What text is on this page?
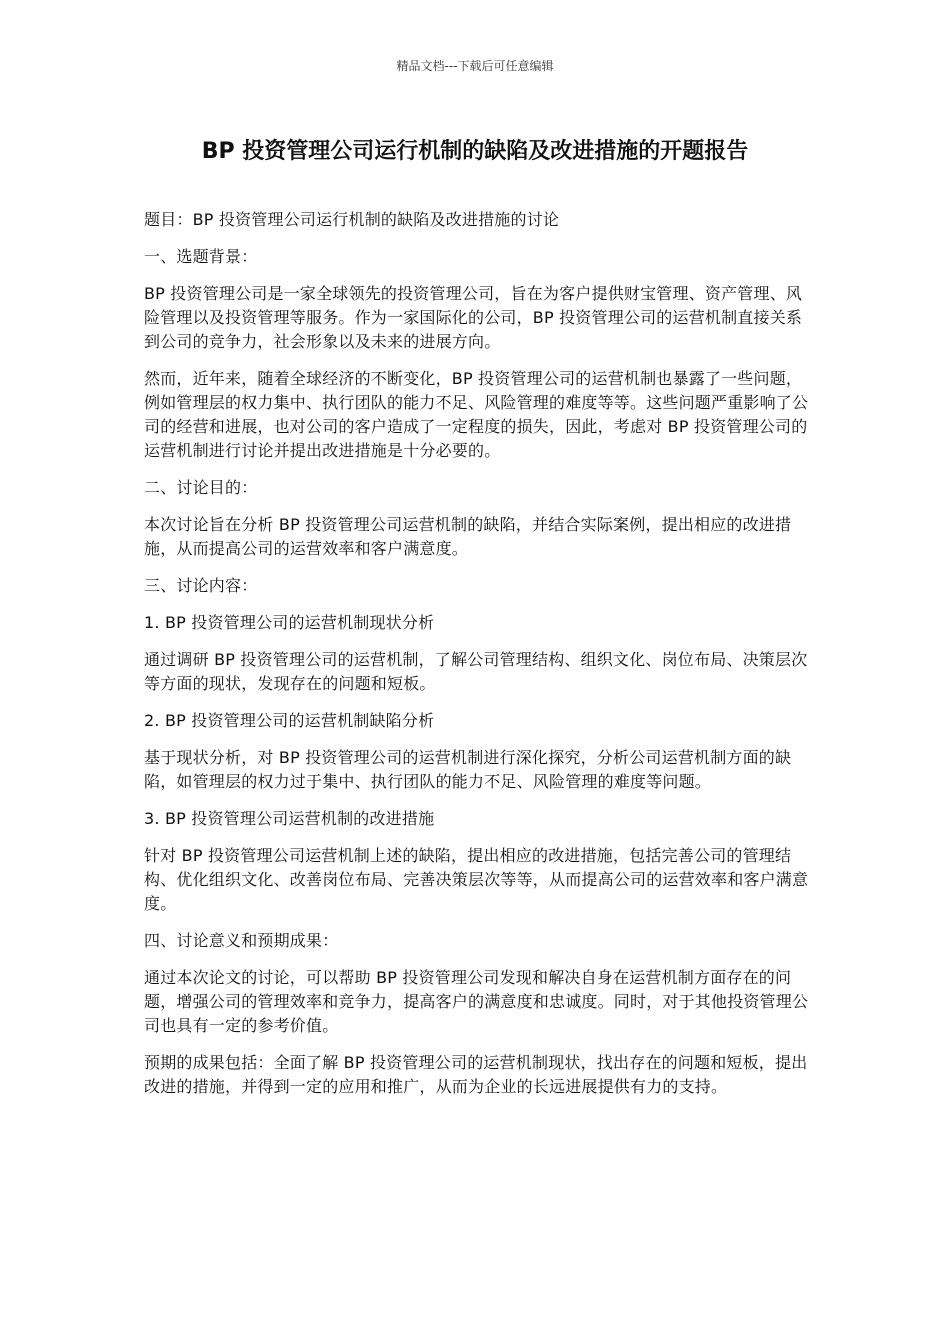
精品文档---下载后可任意编辑
BP 投资管理公司运行机制的缺陷及改进措施的开题报告

题目：BP 投资管理公司运行机制的缺陷及改进措施的讨论

一、选题背景：

BP 投资管理公司是一家全球领先的投资管理公司，旨在为客户提供财宝管理、资产管理、风险管理以及投资管理等服务。作为一家国际化的公司，BP 投资管理公司的运营机制直接关系到公司的竞争力，社会形象以及未来的进展方向。

然而，近年来，随着全球经济的不断变化，BP 投资管理公司的运营机制也暴露了一些问题，例如管理层的权力集中、执行团队的能力不足、风险管理的难度等等。这些问题严重影响了公司的经营和进展，也对公司的客户造成了一定程度的损失，因此，考虑对 BP 投资管理公司的运营机制进行讨论并提出改进措施是十分必要的。

二、讨论目的：

本次讨论旨在分析 BP 投资管理公司运营机制的缺陷，并结合实际案例，提出相应的改进措施，从而提高公司的运营效率和客户满意度。

三、讨论内容：

1. BP 投资管理公司的运营机制现状分析

通过调研 BP 投资管理公司的运营机制，了解公司管理结构、组织文化、岗位布局、决策层次等方面的现状，发现存在的问题和短板。

2. BP 投资管理公司的运营机制缺陷分析

基于现状分析，对 BP 投资管理公司的运营机制进行深化探究，分析公司运营机制方面的缺陷，如管理层的权力过于集中、执行团队的能力不足、风险管理的难度等问题。

3. BP 投资管理公司运营机制的改进措施

针对 BP 投资管理公司运营机制上述的缺陷，提出相应的改进措施，包括完善公司的管理结构、优化组织文化、改善岗位布局、完善决策层次等等，从而提高公司的运营效率和客户满意度。

四、讨论意义和预期成果：

通过本次论文的讨论，可以帮助 BP 投资管理公司发现和解决自身在运营机制方面存在的问题，增强公司的管理效率和竞争力，提高客户的满意度和忠诚度。同时，对于其他投资管理公司也具有一定的参考价值。

预期的成果包括：全面了解 BP 投资管理公司的运营机制现状，找出存在的问题和短板，提出改进的措施，并得到一定的应用和推广，从而为企业的长远进展提供有力的支持。
